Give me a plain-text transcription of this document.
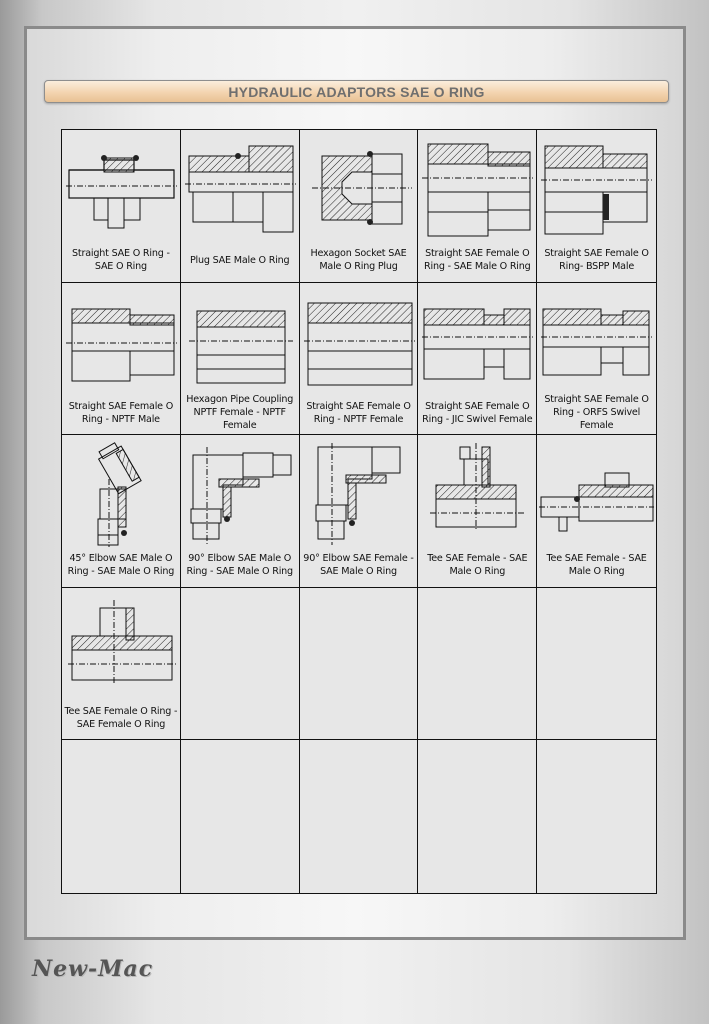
HYDRAULIC ADAPTORS SAE O RING
Straight SAE O Ring - SAE O Ring
Plug SAE Male O Ring
Hexagon Socket SAE Male O Ring Plug
Straight SAE Female O Ring - SAE Male O Ring
Straight SAE Female O Ring- BSPP Male
Straight SAE Female O Ring - NPTF Male
Hexagon Pipe Coupling NPTF Female - NPTF Female
Straight SAE Female O Ring - NPTF Female
Straight SAE Female O Ring - JIC Swivel Female
Straight SAE Female O Ring - ORFS Swivel Female
45° Elbow SAE Male O Ring - SAE Male O Ring
90° Elbow SAE Male O Ring - SAE Male O Ring
90° Elbow SAE Female - SAE Male O Ring
Tee SAE Female - SAE Male O Ring
Tee SAE Female - SAE Male O Ring
Tee SAE Female O Ring - SAE Female O Ring
New-Mac
